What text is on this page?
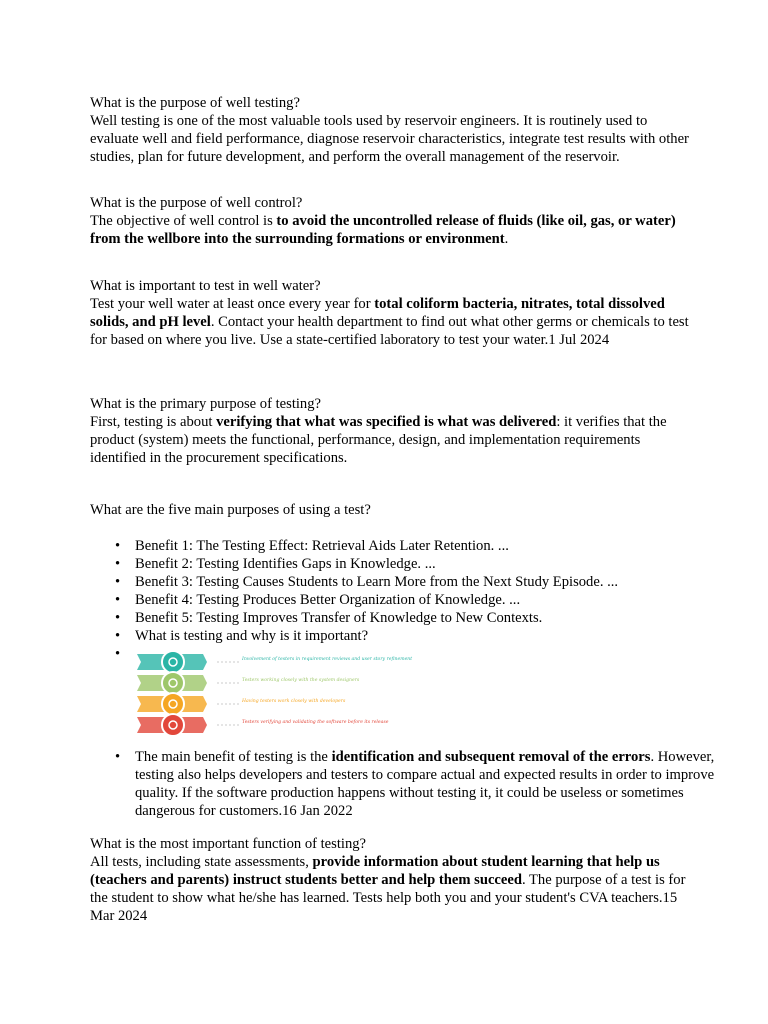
What is the purpose of well testing?

Well testing is one of the most valuable tools used by reservoir engineers. It is routinely used to evaluate well and field performance, diagnose reservoir characteristics, integrate test results with other studies, plan for future development, and perform the overall management of the reservoir.

What is the purpose of well control?

The objective of well control is to avoid the uncontrolled release of fluids (like oil, gas, or water) from the wellbore into the surrounding formations or environment.

What is important to test in well water?

Test your well water at least once every year for total coliform bacteria, nitrates, total dissolved solids, and pH level. Contact your health department to find out what other germs or chemicals to test for based on where you live. Use a state-certified laboratory to test your water.1 Jul 2024

What is the primary purpose of testing?

First, testing is about verifying that what was specified is what was delivered: it verifies that the product (system) meets the functional, performance, design, and implementation requirements identified in the procurement specifications.

What are the five main purposes of using a test?

• Benefit 1: The Testing Effect: Retrieval Aids Later Retention. ...
• Benefit 2: Testing Identifies Gaps in Knowledge. ...
• Benefit 3: Testing Causes Students to Learn More from the Next Study Episode. ...
• Benefit 4: Testing Produces Better Organization of Knowledge. ...
• Benefit 5: Testing Improves Transfer of Knowledge to New Contexts.
• What is testing and why is it important?
• Involvement of testers in requirement reviews and user story refinement
Testers working closely with the system designers
Having testers work closely with developers
Testers verifying and validating the software before its release
• The main benefit of testing is the identification and subsequent removal of the errors. However, testing also helps developers and testers to compare actual and expected results in order to improve quality. If the software production happens without testing it, it could be useless or sometimes dangerous for customers.16 Jan 2022

What is the most important function of testing?

All tests, including state assessments, provide information about student learning that help us (teachers and parents) instruct students better and help them succeed. The purpose of a test is for the student to show what he/she has learned. Tests help both you and your student's CVA teachers.15 Mar 2024
